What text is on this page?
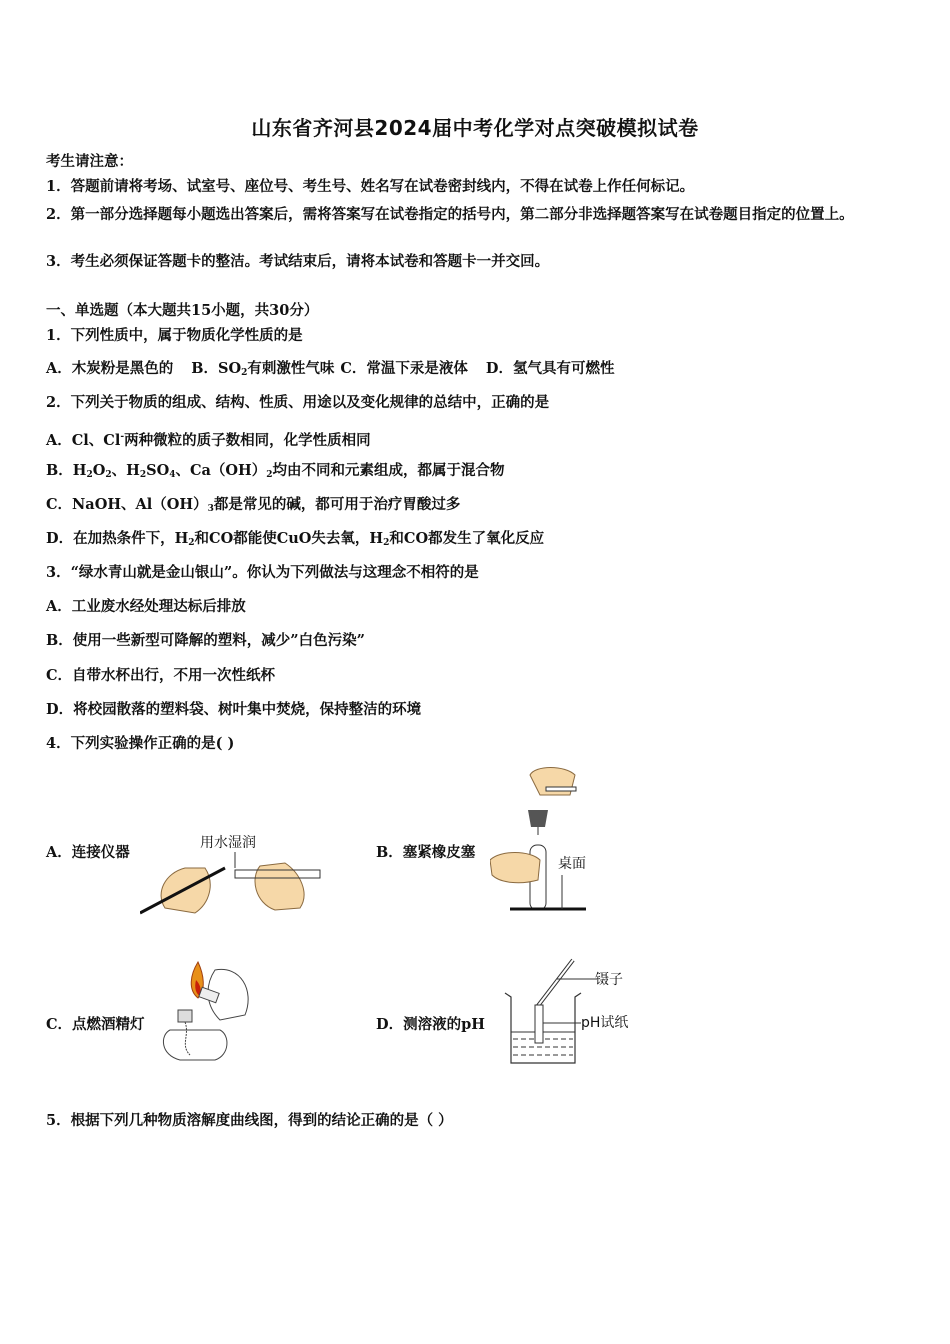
山东省齐河县2024届中考化学对点突破模拟试卷
考生请注意：
1．答题前请将考场、试室号、座位号、考生号、姓名写在试卷密封线内，不得在试卷上作任何标记。
2．第一部分选择题每小题选出答案后，需将答案写在试卷指定的括号内，第二部分非选择题答案写在试卷题目指定的位置上。
3．考生必须保证答题卡的整洁。考试结束后，请将本试卷和答题卡一并交回。
一、单选题（本大题共15小题，共30分）
1．下列性质中，属于物质化学性质的是
A．木炭粉是黑色的 B．$SO_2$有刺激性气味 C．常温下汞是液体 D．氢气具有可燃性
2．下列关于物质的组成、结构、性质、用途以及变化规律的总结中，正确的是
A．Cl、Cl-两种微粒的质子数相同，化学性质相同
B．$H_2O_2$、$H_2SO_4$、$Ca(OH)_2$均由不同和元素组成，都属于混合物
C．NaOH、$Al(OH)_3$都是常见的碱，都可用于治疗胃酸过多
D．在加热条件下，$H_2$和CO都能使CuO失去氧，$H_2$和CO都发生了氧化反应
3．“绿水青山就是金山银山”。你认为下列做法与这理念不相符的是
A．工业废水经处理达标后排放
B．使用一些新型可降解的塑料，减少”白色污染”
C．自带水杯出行，不用一次性纸杯
D．将校园散落的塑料袋、树叶集中焚烧，保持整洁的环境
4．下列实验操作正确的是( )
A．连接仪器
用水湿润
B．塞紧橡皮塞
桌面
C．点燃酒精灯	D．测溶液的pH
镊子
pH试纸
5．根据下列几种物质溶解度曲线图，得到的结论正确的是（ ）
